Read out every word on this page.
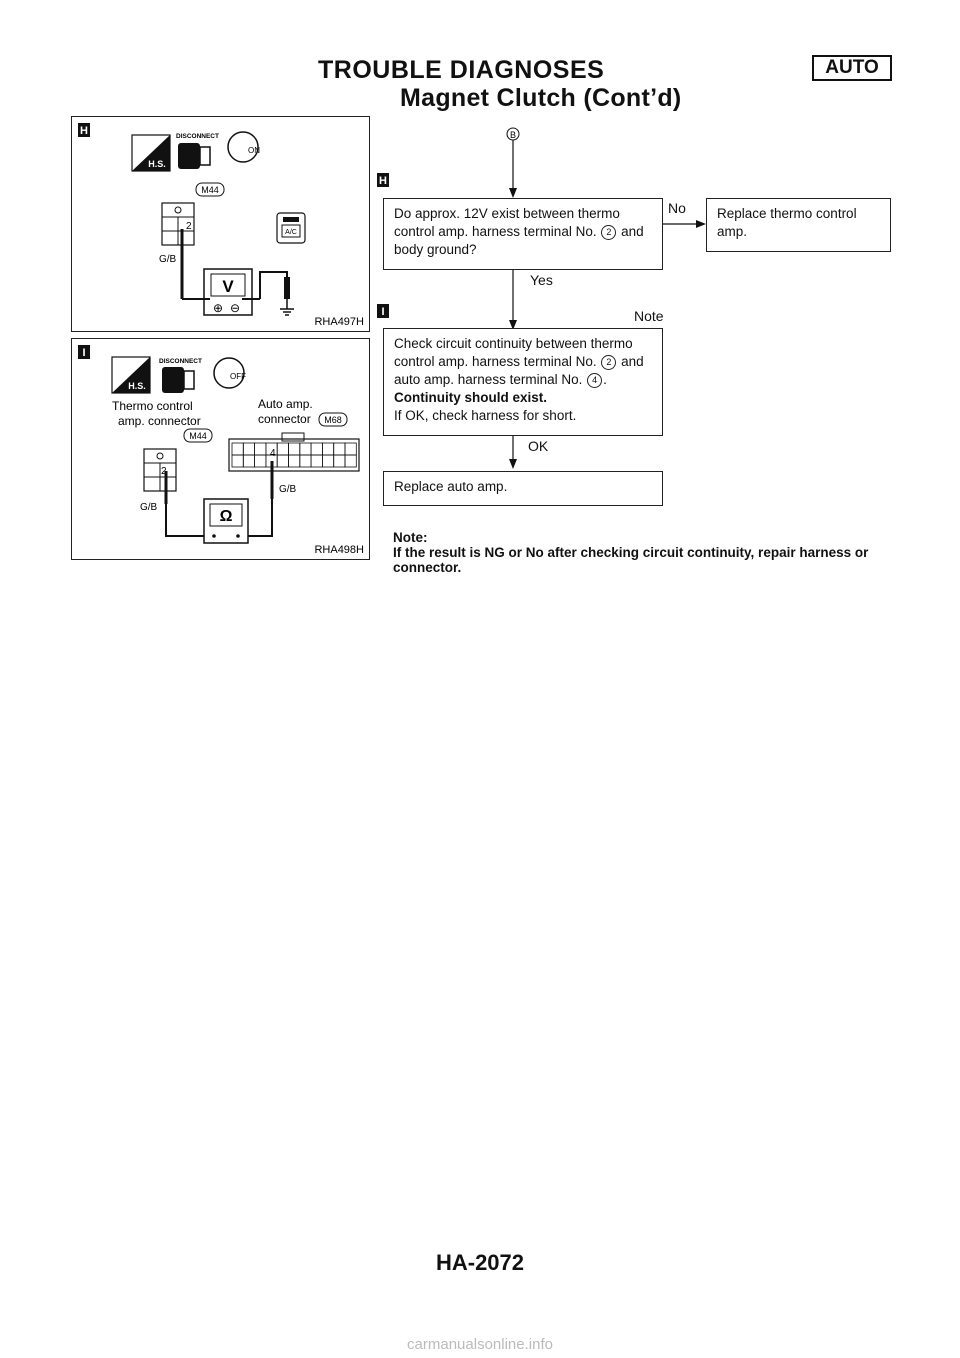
TROUBLE DIAGNOSES	AUTO
Magnet Clutch (Cont’d)
H
H.S.
DISCONNECT
ON
M44
2
G/B
A/C
V
⊕ ⊖
RHA497H
I
H.S.
DISCONNECT
OFF
Thermo control
amp. connector
M44
Auto amp.
connector M68
2
G/B
4
G/B
Ω
RHA498H
B
H
I
Do approx. 12V exist between thermo
control amp. harness terminal No. 2 and
body ground?
No Replace thermo control
amp.
Yes
Note
Check circuit continuity between thermo
control amp. harness terminal No. 2 and
auto amp. harness terminal No. 4 .
Continuity should exist.
If OK, check harness for short.
OK
Replace auto amp.
Note:
If the result is NG or No after checking circuit continuity, repair harness or connector.
HA-2072
carmanualsonline.info
